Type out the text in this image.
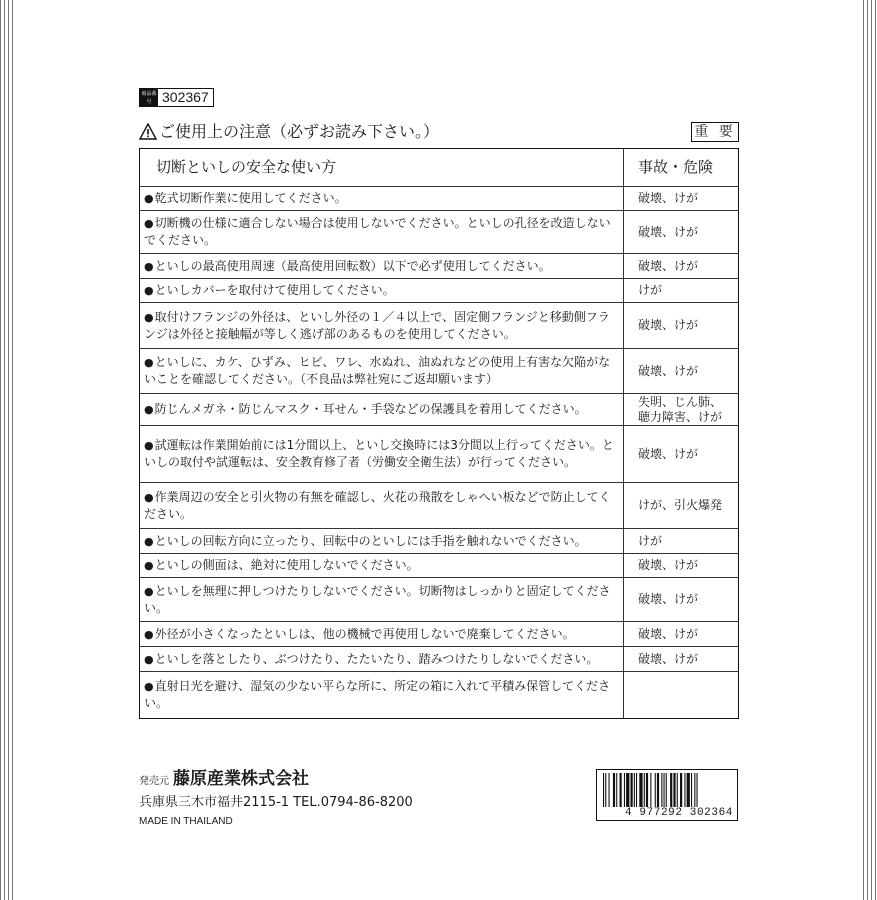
商品番号 302367
ご使用上の注意（必ずお読み下さい。）	重 要
切断といしの安全な使い方	事故・危険
●乾式切断作業に使用してください。	破壊、けが
●切断機の仕様に適合しない場合は使用しないでください。といしの孔径を改造しないでください。
破壊、けが
●といしの最高使用周速（最高使用回転数）以下で必ず使用してください。	破壊、けが
●といしカバーを取付けて使用してください。	けが
●取付けフランジの外径は、といし外径の１／４以上で、固定側フランジと移動側フランジは外径と接触幅が等しく逃げ部のあるものを使用してください。
破壊、けが
●といしに、カケ、ひずみ、ヒビ、ワレ、水ぬれ、油ぬれなどの使用上有害な欠陥がないことを確認してください。（不良品は弊社宛にご返却願います）
破壊、けが
●防じんメガネ・防じんマスク・耳せん・手袋などの保護具を着用してください。
失明、じん肺、聴力障害、けが
●試運転は作業開始前には1分間以上、といし交換時には3分間以上行ってください。といしの取付や試運転は、安全教育修了者（労働安全衛生法）が行ってください。
破壊、けが
●作業周辺の安全と引火物の有無を確認し、火花の飛散をしゃへい板などで防止してください。
けが、引火爆発
●といしの回転方向に立ったり、回転中のといしには手指を触れないでください。	けが
●といしの側面は、絶対に使用しないでください。	破壊、けが
●といしを無理に押しつけたりしないでください。切断物はしっかりと固定してください。
破壊、けが
●外径が小さくなったといしは、他の機械で再使用しないで廃棄してください。	破壊、けが
●といしを落としたり、ぶつけたり、たたいたり、踏みつけたりしないでください。	破壊、けが
●直射日光を避け、湿気の少ない平らな所に、所定の箱に入れて平積み保管してください。
発売元 藤原産業株式会社
兵庫県三木市福井2115-1 TEL.0794-86-8200
MADE IN THAILAND
4 977292 302364
